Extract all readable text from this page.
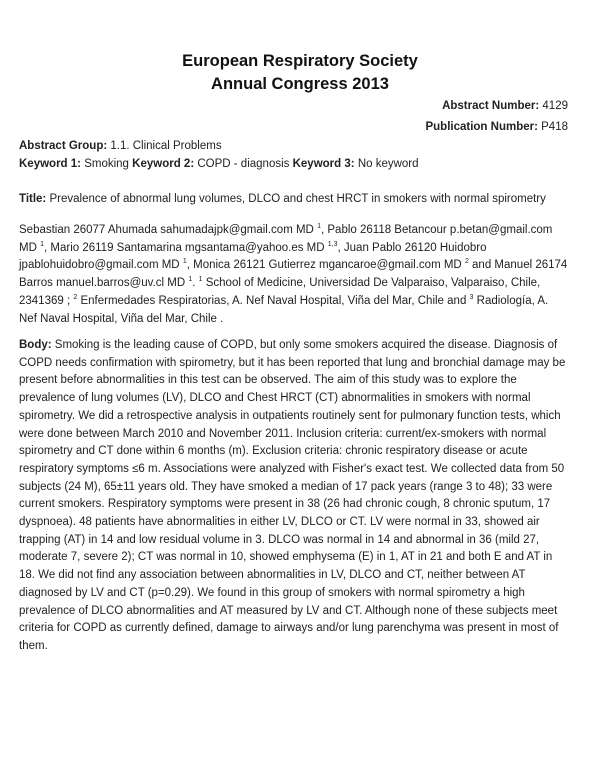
European Respiratory Society
Annual Congress 2013
Abstract Number: 4129
Publication Number: P418
Abstract Group: 1.1. Clinical Problems
Keyword 1: Smoking Keyword 2: COPD - diagnosis Keyword 3: No keyword
Title: Prevalence of abnormal lung volumes, DLCO and chest HRCT in smokers with normal spirometry
Sebastian 26077 Ahumada sahumadajpk@gmail.com MD $^1$, Pablo 26118 Betancour p.betan@gmail.com
MD $^1$, Mario 26119 Santamarina mgsantama@yahoo.es MD $^{1,3}$, Juan Pablo 26120 Huidobro
jpablohuidobro@gmail.com MD $^1$, Monica 26121 Gutierrez mgancaroe@gmail.com MD $^2$ and Manuel 26174
Barros manuel.barros@uv.cl MD $^1$. $^1$ School of Medicine, Universidad De Valparaiso, Valparaiso, Chile,
2341369 ; $^2$ Enfermedades Respiratorias, A. Nef Naval Hospital, Viña del Mar, Chile and $^3$ Radiología, A.
Nef Naval Hospital, Viña del Mar, Chile .
Body: Smoking is the leading cause of COPD, but only some smokers acquired the disease. Diagnosis of
COPD needs confirmation with spirometry, but it has been reported that lung and bronchial damage may be
present before abnormalities in this test can be observed. The aim of this study was to explore the
prevalence of lung volumes (LV), DLCO and Chest HRCT (CT) abnormalities in smokers with normal
spirometry. We did a retrospective analysis in outpatients routinely sent for pulmonary function tests, which
were done between March 2010 and November 2011. Inclusion criteria: current/ex-smokers with normal
spirometry and CT done within 6 months (m). Exclusion criteria: chronic respiratory disease or acute
respiratory symptoms ≤6 m. Associations were analyzed with Fisher's exact test. We collected data from 50
subjects (24 M), 65±11 years old. They have smoked a median of 17 pack years (range 3 to 48); 33 were
current smokers. Respiratory symptoms were present in 38 (26 had chronic cough, 8 chronic sputum, 17
dyspnoea). 48 patients have abnormalities in either LV, DLCO or CT. LV were normal in 33, showed air
trapping (AT) in 14 and low residual volume in 3. DLCO was normal in 14 and abnormal in 36 (mild 27,
moderate 7, severe 2); CT was normal in 10, showed emphysema (E) in 1, AT in 21 and both E and AT in
18. We did not find any association between abnormalities in LV, DLCO and CT, neither between AT
diagnosed by LV and CT (p=0.29). We found in this group of smokers with normal spirometry a high
prevalence of DLCO abnormalities and AT measured by LV and CT. Although none of these subjects meet
criteria for COPD as currently defined, damage to airways and/or lung parenchyma was present in most of
them.
